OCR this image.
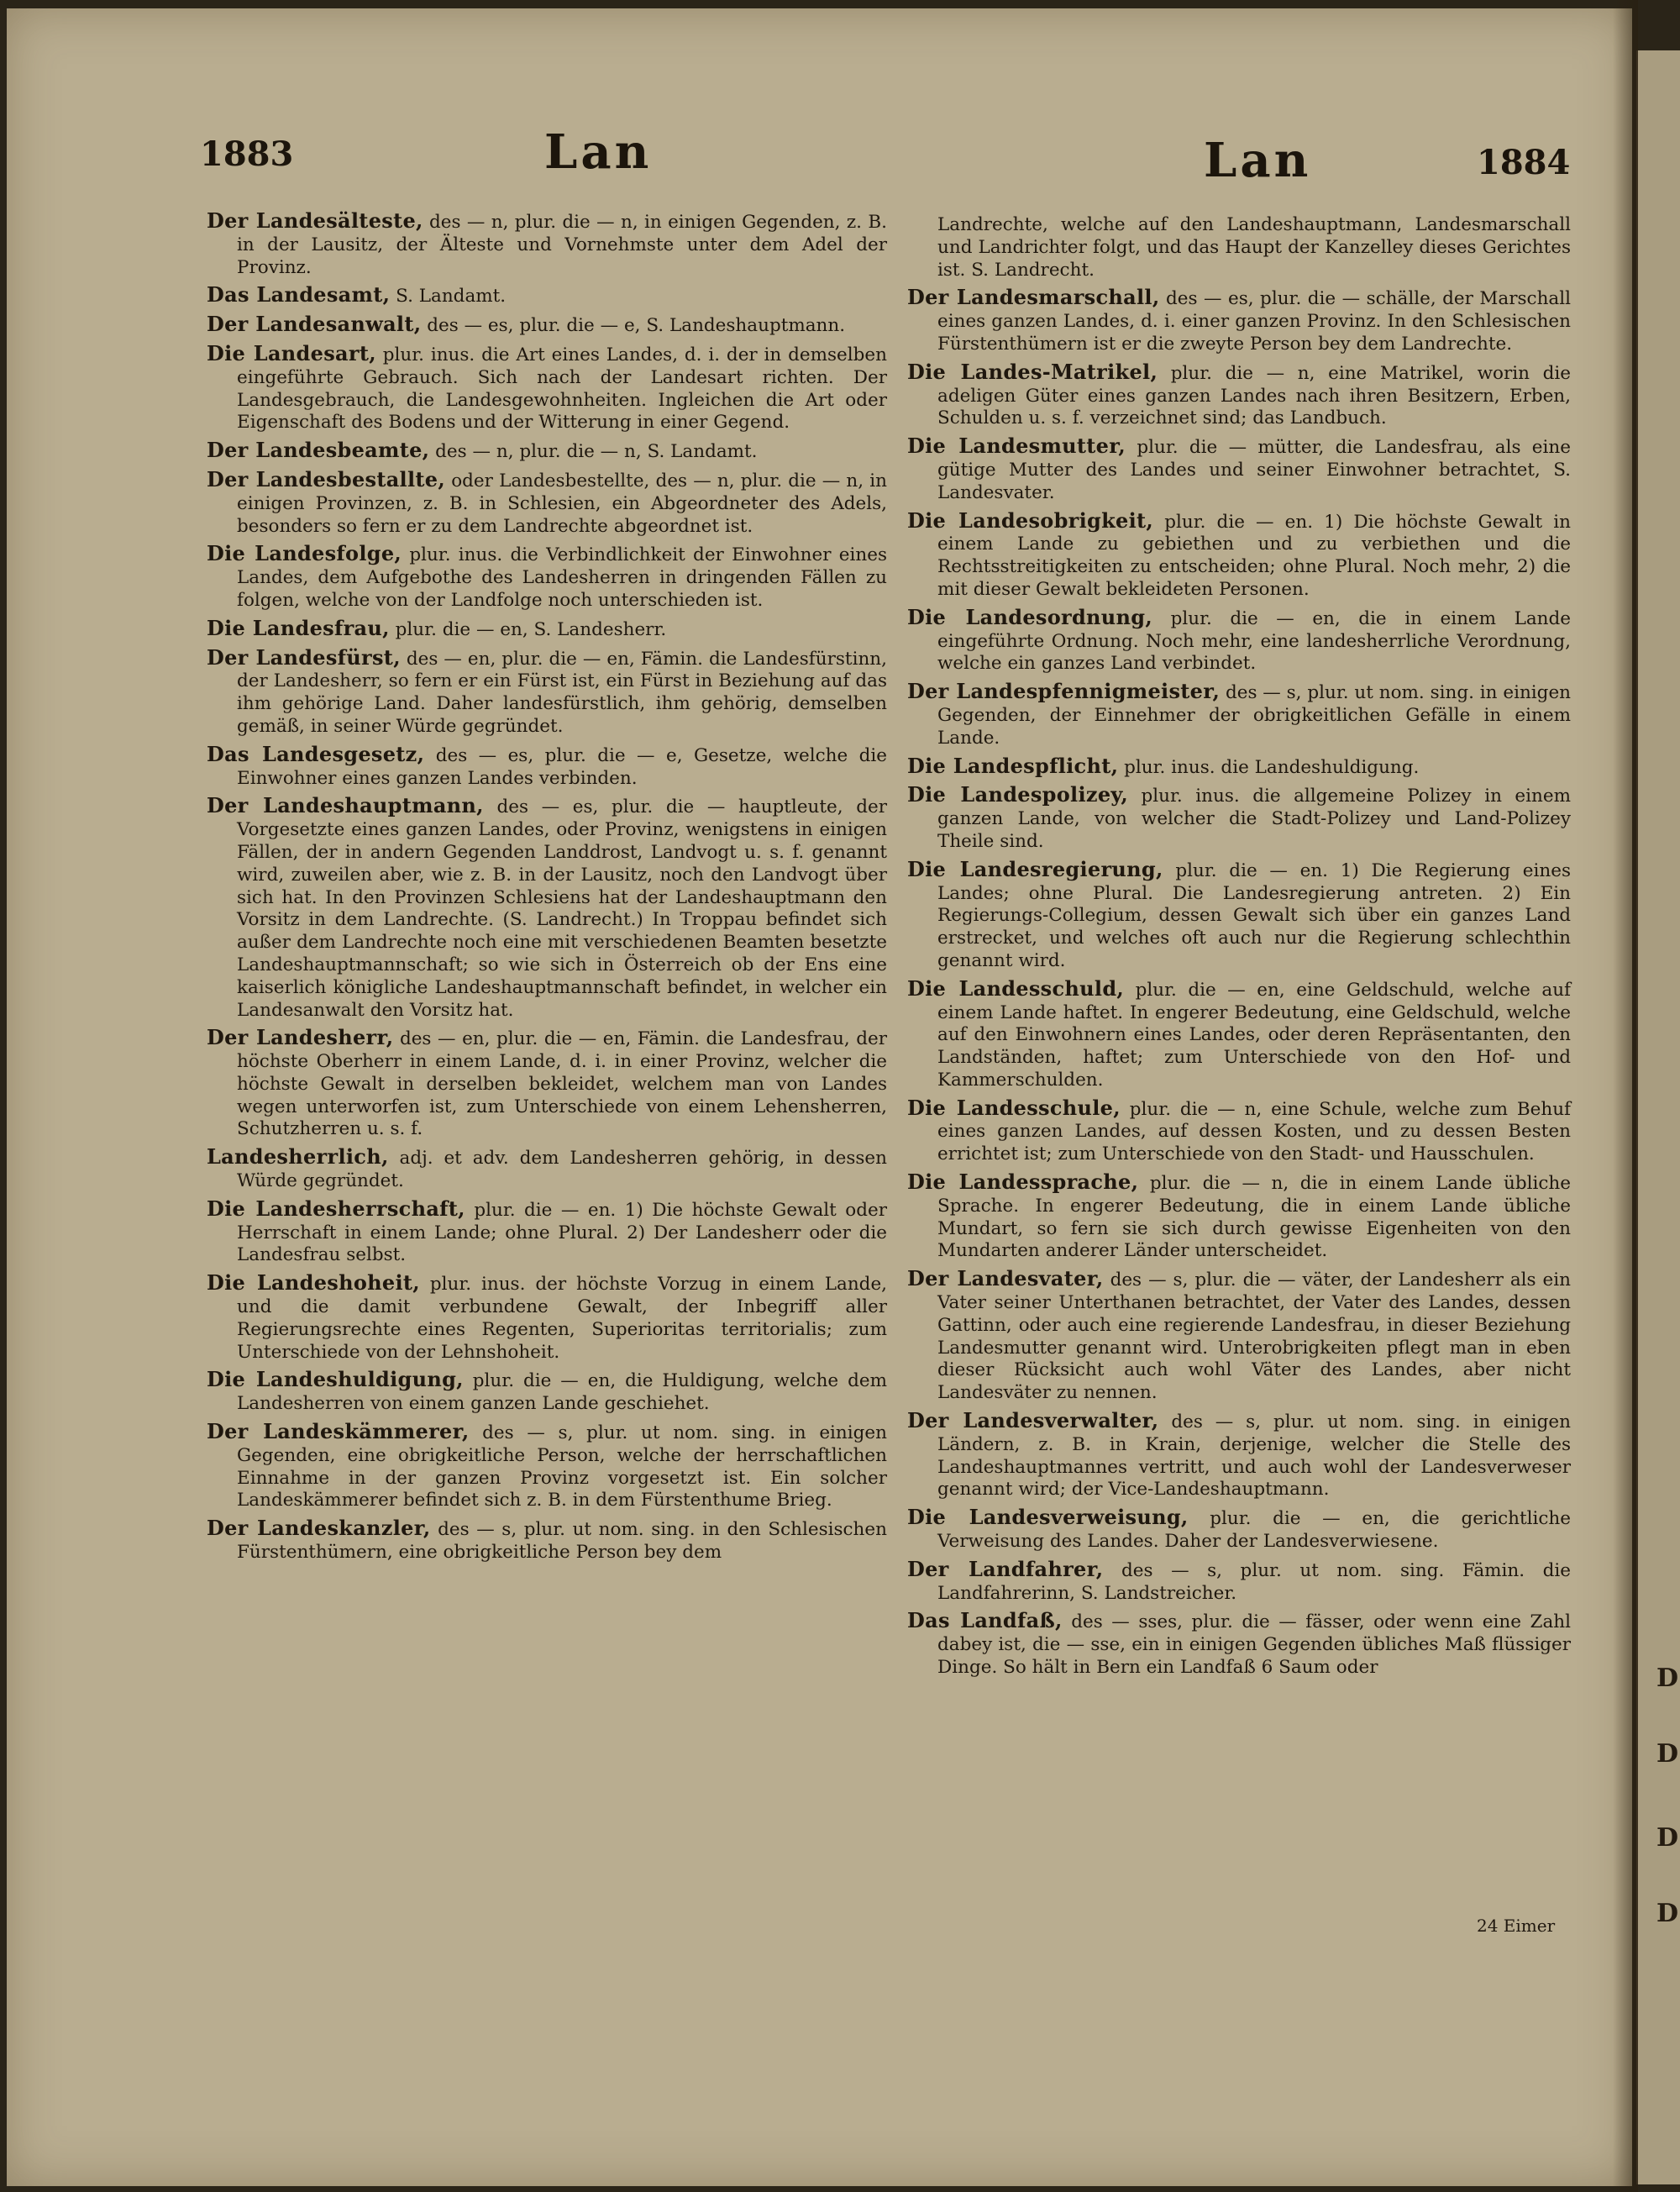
1883	Lan	Lan	1884

Der Landesälteste, des — n, plur. die — n, in einigen Gegenden, z. B. in der Lausitz, der Älteste und Vornehmste unter dem Adel der Provinz.

Das Landesamt, S. Landamt.

Der Landesanwalt, des — es, plur. die — e, S. Landeshauptmann.

Die Landesart, plur. inus. die Art eines Landes, d. i. der in demselben eingeführte Gebrauch. Sich nach der Landesart richten. Der Landesgebrauch, die Landesgewohnheiten. Ingleichen die Art oder Eigenschaft des Bodens und der Witterung in einer Gegend.

Der Landesbeamte, des — n, plur. die — n, S. Landamt.

Der Landesbestallte, oder Landesbestellte, des — n, plur. die — n, in einigen Provinzen, z. B. in Schlesien, ein Abgeordneter des Adels, besonders so fern er zu dem Landrechte abgeordnet ist.

Die Landesfolge, plur. inus. die Verbindlichkeit der Einwohner eines Landes, dem Aufgebothe des Landesherren in dringenden Fällen zu folgen, welche von der Landfolge noch unterschieden ist.

Die Landesfrau, plur. die — en, S. Landesherr.

Der Landesfürst, des — en, plur. die — en, Fämin. die Landesfürstinn, der Landesherr, so fern er ein Fürst ist, ein Fürst in Beziehung auf das ihm gehörige Land. Daher landesfürstlich, ihm gehörig, demselben gemäß, in seiner Würde gegründet.

Das Landesgesetz, des — es, plur. die — e, Gesetze, welche die Einwohner eines ganzen Landes verbinden.

Der Landeshauptmann, des — es, plur. die — hauptleute, der Vorgesetzte eines ganzen Landes, oder Provinz, wenigstens in einigen Fällen, der in andern Gegenden Landdrost, Landvogt u. s. f. genannt wird, zuweilen aber, wie z. B. in der Lausitz, noch den Landvogt über sich hat. In den Provinzen Schlesiens hat der Landeshauptmann den Vorsitz in dem Landrechte. (S. Landrecht.) In Troppau befindet sich außer dem Landrechte noch eine mit verschiedenen Beamten besetzte Landeshauptmannschaft; so wie sich in Österreich ob der Ens eine kaiserlich königliche Landeshauptmannschaft befindet, in welcher ein Landesanwalt den Vorsitz hat.

Der Landesherr, des — en, plur. die — en, Fämin. die Landesfrau, der höchste Oberherr in einem Lande, d. i. in einer Provinz, welcher die höchste Gewalt in derselben bekleidet, welchem man von Landes wegen unterworfen ist, zum Unterschiede von einem Lehensherren, Schutzherren u. s. f.

Landesherrlich, adj. et adv. dem Landesherren gehörig, in dessen Würde gegründet.

Die Landesherrschaft, plur. die — en. 1) Die höchste Gewalt oder Herrschaft in einem Lande; ohne Plural. 2) Der Landesherr oder die Landesfrau selbst.

Die Landeshoheit, plur. inus. der höchste Vorzug in einem Lande, und die damit verbundene Gewalt, der Inbegriff aller Regierungsrechte eines Regenten, Superioritas territorialis; zum Unterschiede von der Lehnshoheit.

Die Landeshuldigung, plur. die — en, die Huldigung, welche dem Landesherren von einem ganzen Lande geschiehet.

Der Landeskämmerer, des — s, plur. ut nom. sing. in einigen Gegenden, eine obrigkeitliche Person, welche der herrschaftlichen Einnahme in der ganzen Provinz vorgesetzt ist. Ein solcher Landeskämmerer befindet sich z. B. in dem Fürstenthume Brieg.

Der Landeskanzler, des — s, plur. ut nom. sing. in den Schlesischen Fürstenthümern, eine obrigkeitliche Person bey dem

Landrechte, welche auf den Landeshauptmann, Landesmarschall und Landrichter folgt, und das Haupt der Kanzelley dieses Gerichtes ist. S. Landrecht.

Der Landesmarschall, des — es, plur. die — schälle, der Marschall eines ganzen Landes, d. i. einer ganzen Provinz. In den Schlesischen Fürstenthümern ist er die zweyte Person bey dem Landrechte.

Die Landes-Matrikel, plur. die — n, eine Matrikel, worin die adeligen Güter eines ganzen Landes nach ihren Besitzern, Erben, Schulden u. s. f. verzeichnet sind; das Landbuch.

Die Landesmutter, plur. die — mütter, die Landesfrau, als eine gütige Mutter des Landes und seiner Einwohner betrachtet, S. Landesvater.

Die Landesobrigkeit, plur. die — en. 1) Die höchste Gewalt in einem Lande zu gebiethen und zu verbiethen und die Rechtsstreitigkeiten zu entscheiden; ohne Plural. Noch mehr, 2) die mit dieser Gewalt bekleideten Personen.

Die Landesordnung, plur. die — en, die in einem Lande eingeführte Ordnung. Noch mehr, eine landesherrliche Verordnung, welche ein ganzes Land verbindet.

Der Landespfennigmeister, des — s, plur. ut nom. sing. in einigen Gegenden, der Einnehmer der obrigkeitlichen Gefälle in einem Lande.

Die Landespflicht, plur. inus. die Landeshuldigung.

Die Landespolizey, plur. inus. die allgemeine Polizey in einem ganzen Lande, von welcher die Stadt-Polizey und Land-Polizey Theile sind.

Die Landesregierung, plur. die — en. 1) Die Regierung eines Landes; ohne Plural. Die Landesregierung antreten. 2) Ein Regierungs-Collegium, dessen Gewalt sich über ein ganzes Land erstrecket, und welches oft auch nur die Regierung schlechthin genannt wird.

Die Landesschuld, plur. die — en, eine Geldschuld, welche auf einem Lande haftet. In engerer Bedeutung, eine Geldschuld, welche auf den Einwohnern eines Landes, oder deren Repräsentanten, den Landständen, haftet; zum Unterschiede von den Hof- und Kammerschulden.

Die Landesschule, plur. die — n, eine Schule, welche zum Behuf eines ganzen Landes, auf dessen Kosten, und zu dessen Besten errichtet ist; zum Unterschiede von den Stadt- und Hausschulen.

Die Landessprache, plur. die — n, die in einem Lande übliche Sprache. In engerer Bedeutung, die in einem Lande übliche Mundart, so fern sie sich durch gewisse Eigenheiten von den Mundarten anderer Länder unterscheidet.

Der Landesvater, des — s, plur. die — väter, der Landesherr als ein Vater seiner Unterthanen betrachtet, der Vater des Landes, dessen Gattinn, oder auch eine regierende Landesfrau, in dieser Beziehung Landesmutter genannt wird. Unterobrigkeiten pflegt man in eben dieser Rücksicht auch wohl Väter des Landes, aber nicht Landesväter zu nennen.

Der Landesverwalter, des — s, plur. ut nom. sing. in einigen Ländern, z. B. in Krain, derjenige, welcher die Stelle des Landeshauptmannes vertritt, und auch wohl der Landesverweser genannt wird; der Vice-Landeshauptmann.

Die Landesverweisung, plur. die — en, die gerichtliche Verweisung des Landes. Daher der Landesverwiesene.

Der Landfahrer, des — s, plur. ut nom. sing. Fämin. die Landfahrerinn, S. Landstreicher.

Das Landfaß, des — sses, plur. die — fässer, oder wenn eine Zahl dabey ist, die — sse, ein in einigen Gegenden übliches Maß flüssiger Dinge. So hält in Bern ein Landfaß 6 Saum oder

24 Eimer
D
D
D
D
